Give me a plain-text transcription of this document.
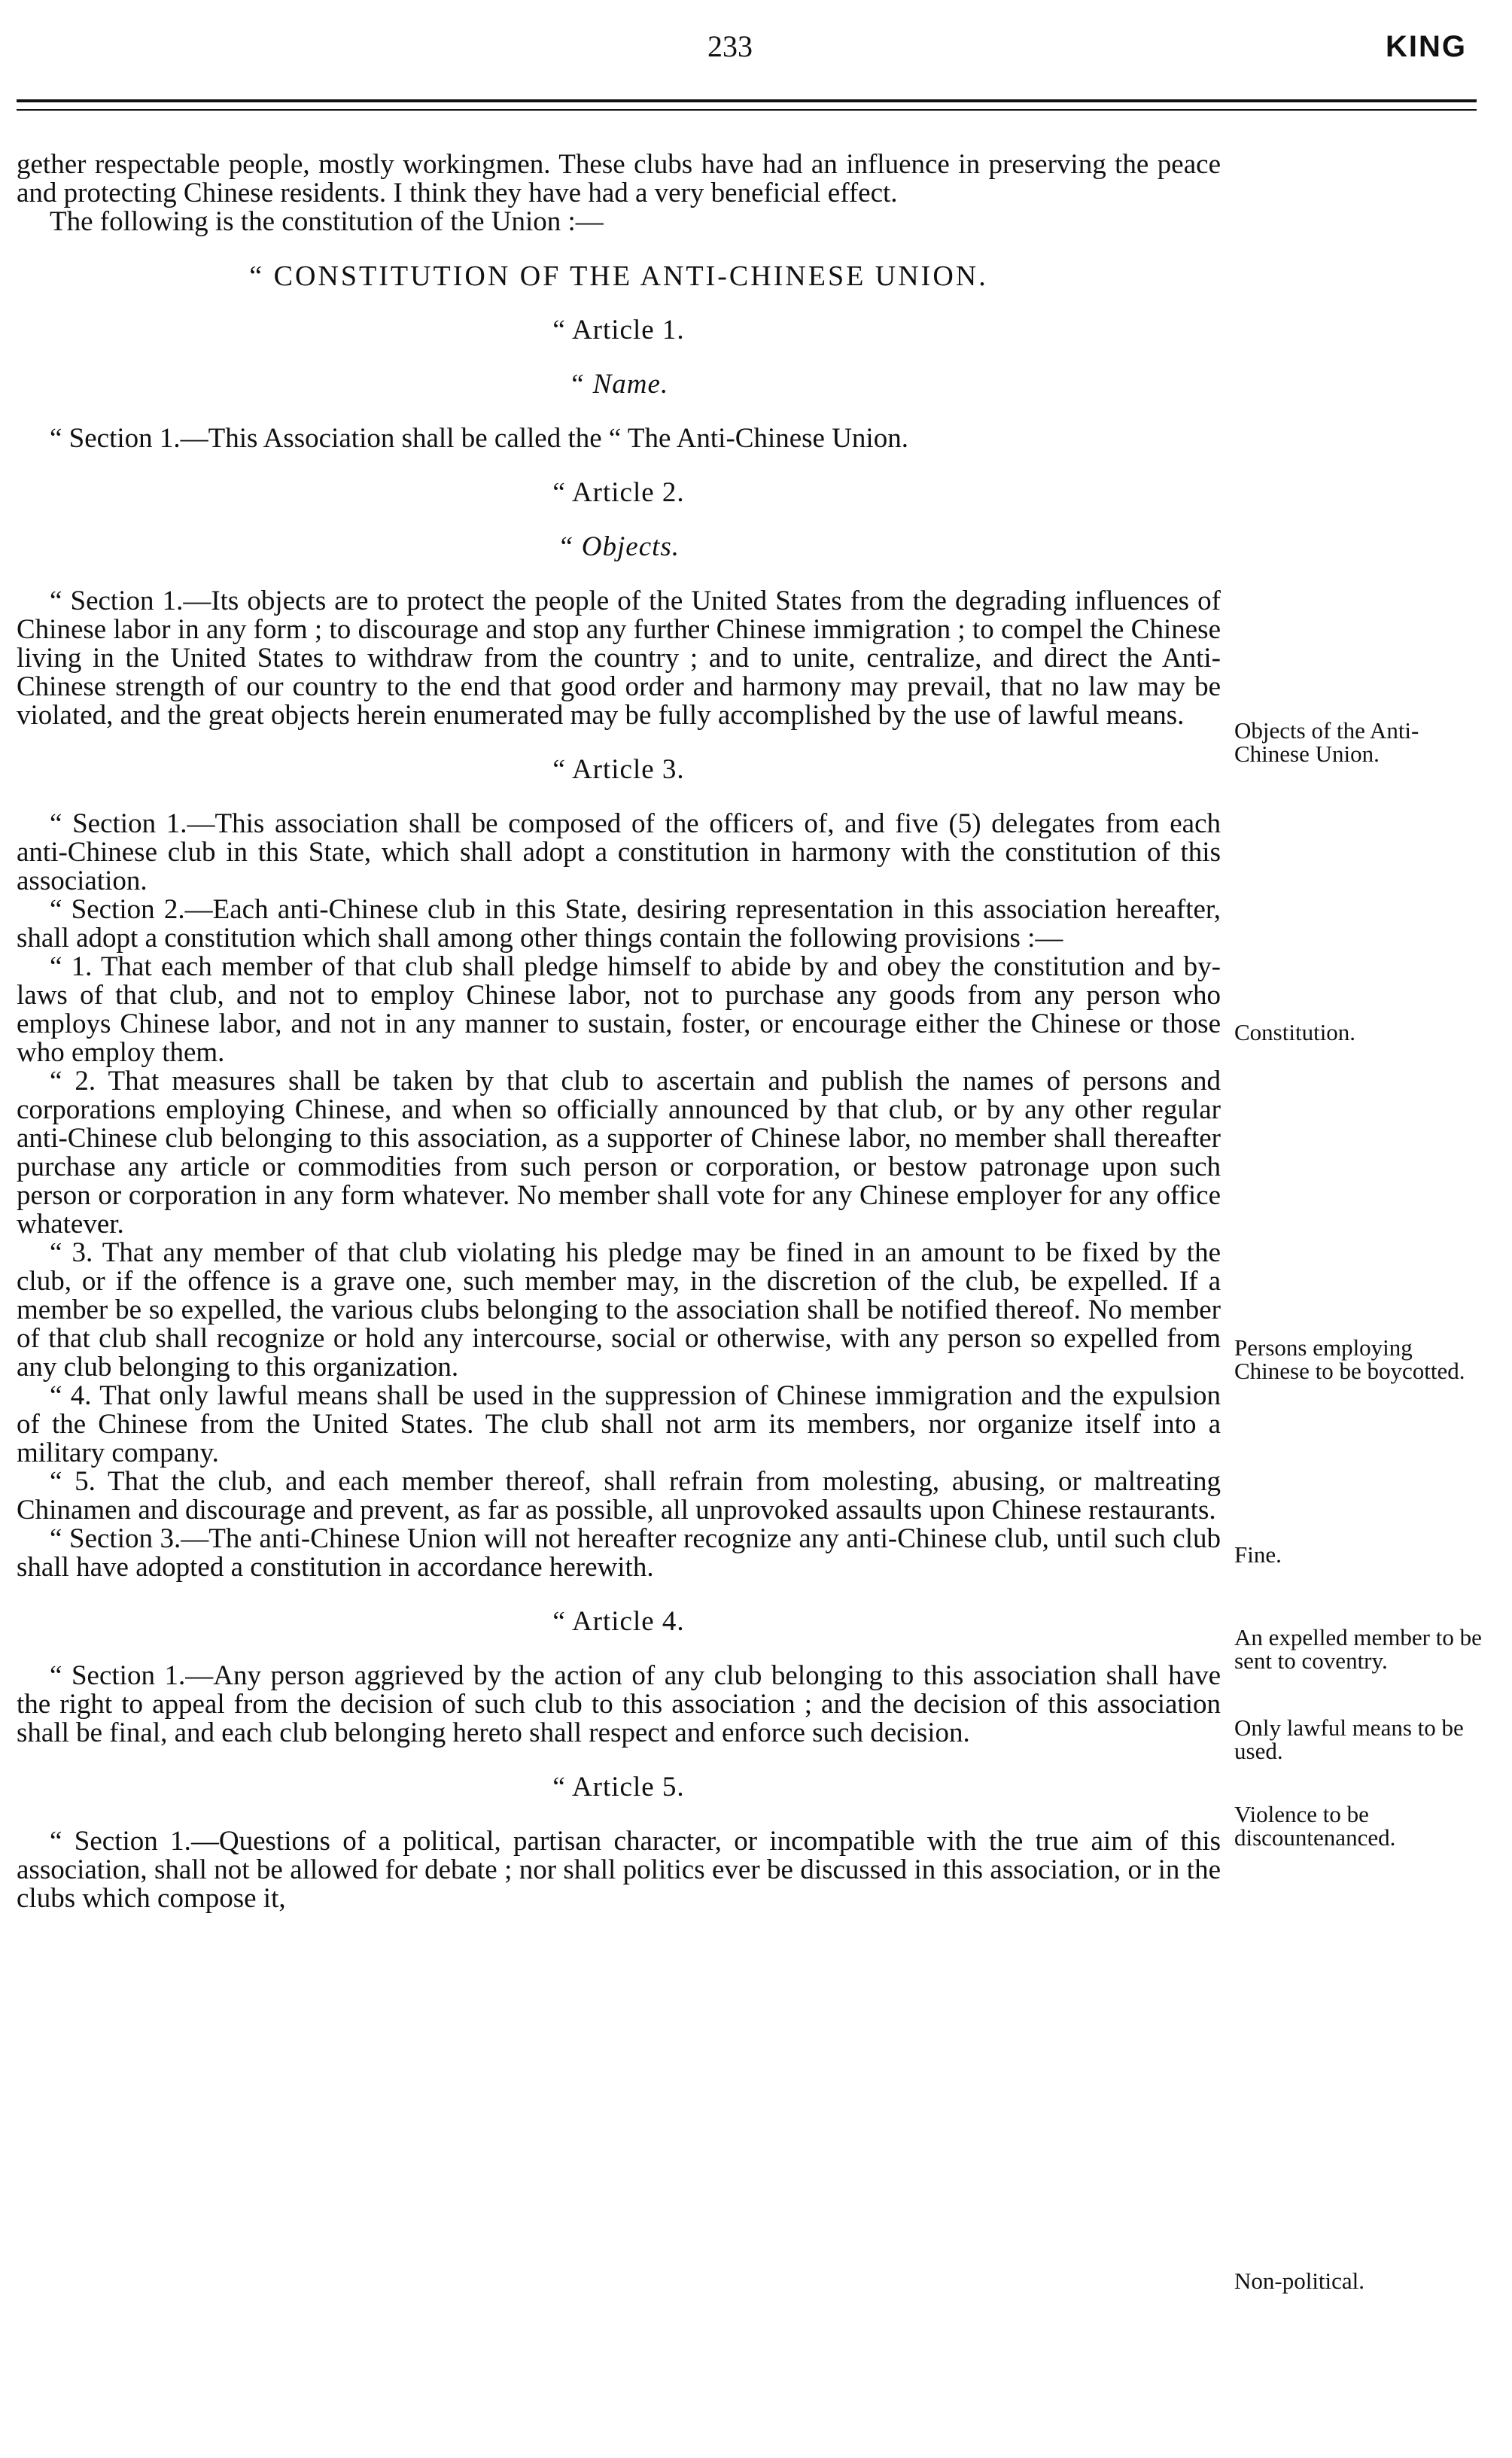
233	KING

gether respectable people, mostly workingmen. These clubs have had an influence in preserving the peace and protecting Chinese residents. I think they have had a very beneficial effect.

The following is the constitution of the Union :—

“ CONSTITUTION OF THE ANTI-CHINESE UNION.
“ Article 1.
“ Name.

“ Section 1.—This Association shall be called the “ The Anti-Chinese Union.

“ Article 2.
“ Objects.

“ Section 1.—Its objects are to protect the people of the United States from the degrading influences of Chinese labor in any form ; to discourage and stop any further Chinese immigration ; to compel the Chinese living in the United States to withdraw from the country ; and to unite, centralize, and direct the Anti-Chinese strength of our country to the end that good order and harmony may prevail, that no law may be violated, and the great objects herein enumerated may be fully accomplished by the use of lawful means.

“ Article 3.

“ Section 1.—This association shall be composed of the officers of, and five (5) delegates from each anti-Chinese club in this State, which shall adopt a constitution in harmony with the constitution of this association.

“ Section 2.—Each anti-Chinese club in this State, desiring representation in this association hereafter, shall adopt a constitution which shall among other things contain the following provisions :—

“ 1. That each member of that club shall pledge himself to abide by and obey the constitution and by-laws of that club, and not to employ Chinese labor, not to purchase any goods from any person who employs Chinese labor, and not in any manner to sustain, foster, or encourage either the Chinese or those who employ them.

“ 2. That measures shall be taken by that club to ascertain and publish the names of persons and corporations employing Chinese, and when so officially announced by that club, or by any other regular anti-Chinese club belonging to this association, as a supporter of Chinese labor, no member shall thereafter purchase any article or commodities from such person or corporation, or bestow patronage upon such person or corporation in any form whatever. No member shall vote for any Chinese employer for any office whatever.

“ 3. That any member of that club violating his pledge may be fined in an amount to be fixed by the club, or if the offence is a grave one, such member may, in the discretion of the club, be expelled. If a member be so expelled, the various clubs belonging to the association shall be notified thereof. No member of that club shall recognize or hold any intercourse, social or otherwise, with any person so expelled from any club belonging to this organization.

“ 4. That only lawful means shall be used in the suppression of Chinese immigration and the expulsion of the Chinese from the United States. The club shall not arm its members, nor organize itself into a military company.

“ 5. That the club, and each member thereof, shall refrain from molesting, abusing, or maltreating Chinamen and discourage and prevent, as far as possible, all unprovoked assaults upon Chinese restaurants.

“ Section 3.—The anti-Chinese Union will not hereafter recognize any anti-Chinese club, until such club shall have adopted a constitution in accordance herewith.

“ Article 4.

“ Section 1.—Any person aggrieved by the action of any club belonging to this association shall have the right to appeal from the decision of such club to this association ; and the decision of this association shall be final, and each club belonging hereto shall respect and enforce such decision.

“ Article 5.

“ Section 1.—Questions of a political, partisan character, or incompatible with the true aim of this association, shall not be allowed for debate ; nor shall politics ever be discussed in this association, or in the clubs which compose it,

Objects of the Anti-Chinese Union.
Constitution.
Persons employing Chinese to be boycotted.
Fine.
An expelled member to be sent to coventry.
Only lawful means to be used.
Violence to be discountenanced.
Non-political.
